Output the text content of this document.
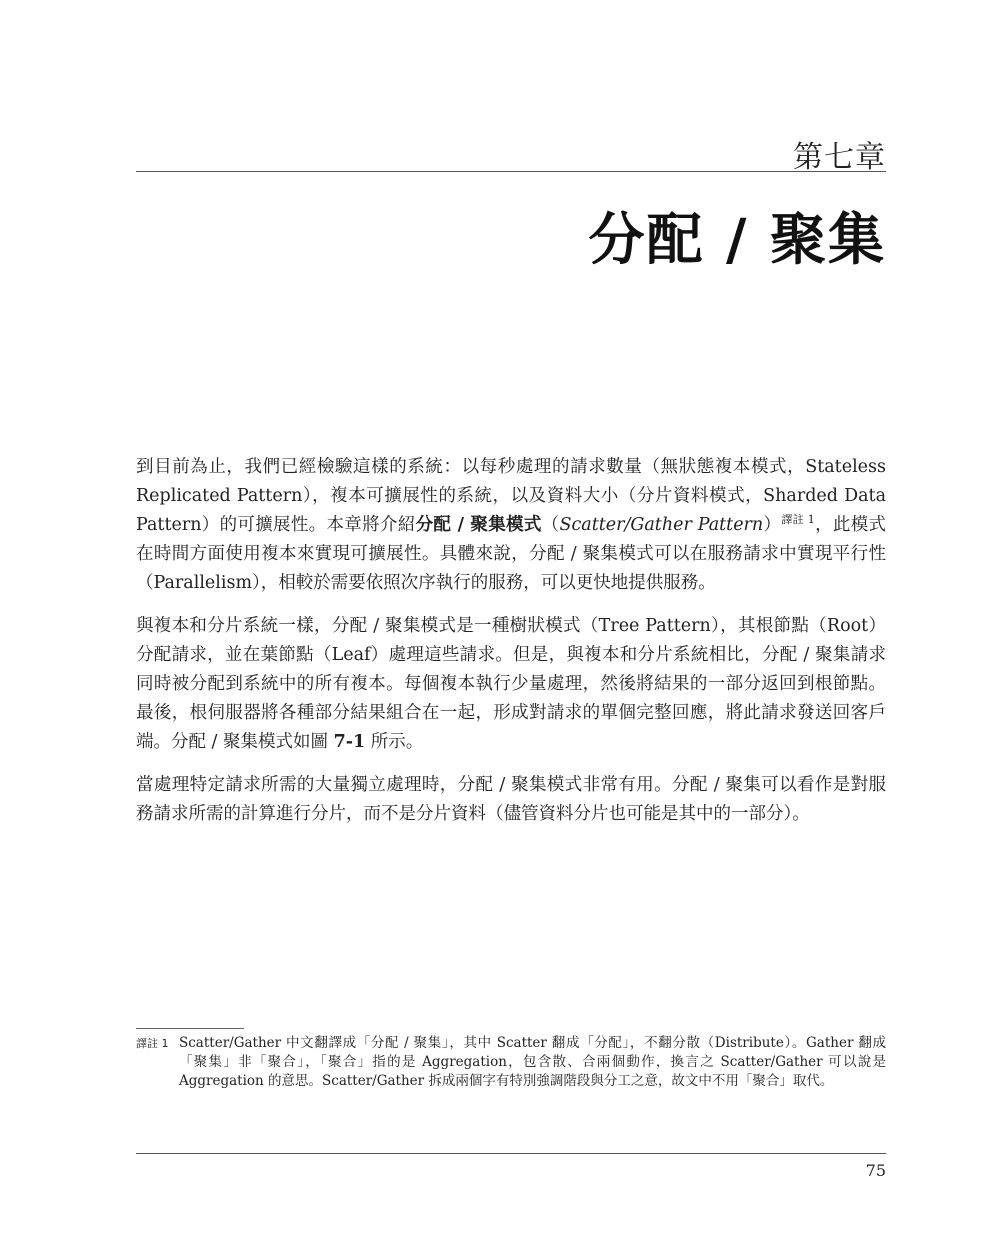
第七章
分配 / 聚集

到目前為止，我們已經檢驗這樣的系統：以每秒處理的請求數量（無狀態複本模式，Stateless Replicated Pattern），複本可擴展性的系統，以及資料大小（分片資料模式，Sharded Data Pattern）的可擴展性。本章將介紹分配 / 聚集模式（Scatter/Gather Pattern）$^{譯註 1}$，此模式在時間方面使用複本來實現可擴展性。具體來說，分配 / 聚集模式可以在服務請求中實現平行性（Parallelism），相較於需要依照次序執行的服務，可以更快地提供服務。

與複本和分片系統一樣，分配 / 聚集模式是一種樹狀模式（Tree Pattern），其根節點（Root）分配請求，並在葉節點（Leaf）處理這些請求。但是，與複本和分片系統相比，分配 / 聚集請求同時被分配到系統中的所有複本。每個複本執行少量處理，然後將結果的一部分返回到根節點。最後，根伺服器將各種部分結果組合在一起，形成對請求的單個完整回應，將此請求發送回客戶端。分配 / 聚集模式如圖 7-1 所示。

當處理特定請求所需的大量獨立處理時，分配 / 聚集模式非常有用。分配 / 聚集可以看作是對服務請求所需的計算進行分片，而不是分片資料（儘管資料分片也可能是其中的一部分）。

譯註 1 Scatter/Gather 中文翻譯成「分配 / 聚集」，其中 Scatter 翻成「分配」，不翻分散（Distribute）。Gather 翻成「聚集」非「聚合」，「聚合」指的是 Aggregation，包含散、合兩個動作，換言之 Scatter/Gather 可以說是 Aggregation 的意思。Scatter/Gather 拆成兩個字有特別強調階段與分工之意，故文中不用「聚合」取代。
75
